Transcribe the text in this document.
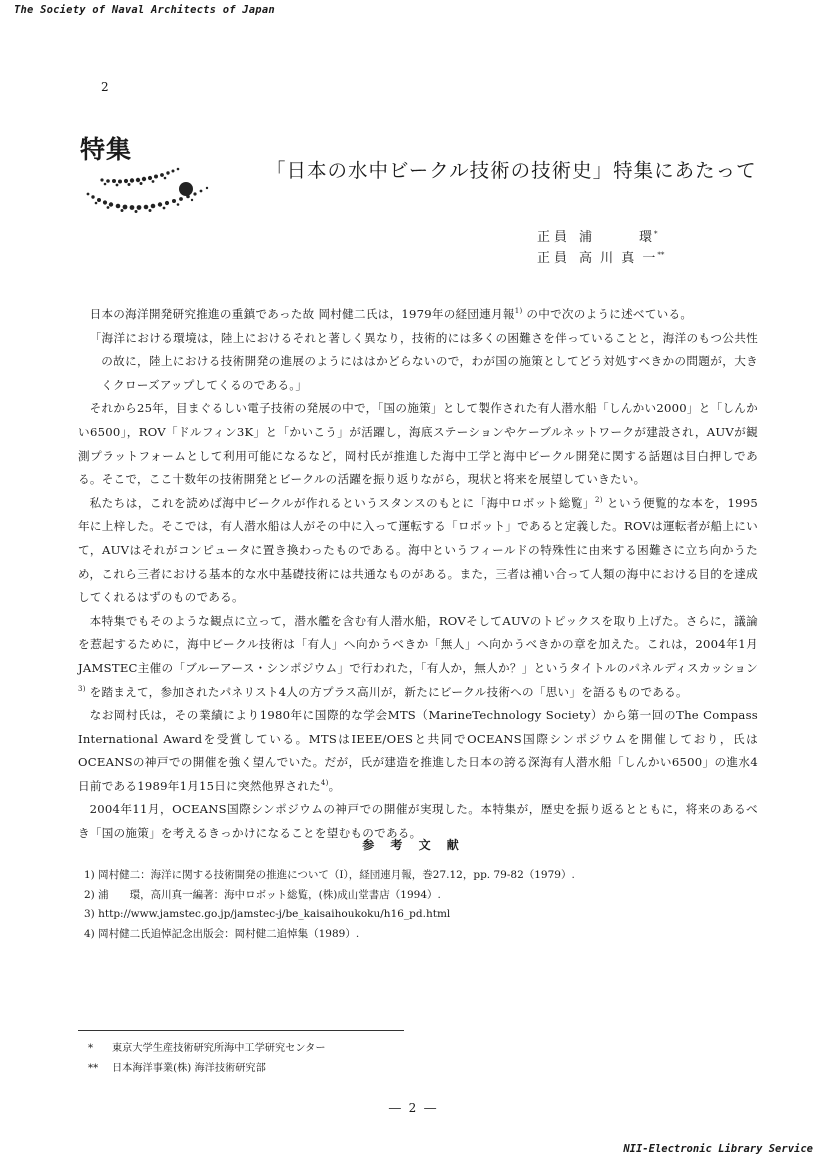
The Society of Naval Architects of Japan
2
特集
「日本の水中ビークル技術の技術史」特集にあたって
正員 浦　　　環*
正員 高 川 真 一**

日本の海洋開発研究推進の重鎮であった故 岡村健二氏は，1979年の経団連月報$^{1)}$ の中で次のように述べている。

「海洋における環境は，陸上におけるそれと著しく異なり，技術的には多くの困難さを伴っていることと，海洋のもつ公共性の故に，陸上における技術開発の進展のようにははかどらないので，わが国の施策としてどう対処すべきかの問題が，大きくクローズアップしてくるのである。」

それから25年，目まぐるしい電子技術の発展の中で，「国の施策」として製作された有人潜水船「しんかい2000」と「しんかい6500」，ROV「ドルフィン3K」と「かいこう」が活躍し，海底ステーションやケーブルネットワークが建設され，AUVが観測プラットフォームとして利用可能になるなど，岡村氏が推進した海中工学と海中ビークル開発に関する話題は目白押しである。そこで，ここ十数年の技術開発とビークルの活躍を振り返りながら，現状と将来を展望していきたい。

私たちは，これを読めば海中ビークルが作れるというスタンスのもとに「海中ロボット総覧」$^{2)}$ という便覧的な本を，1995年に上梓した。そこでは，有人潜水船は人がその中に入って運転する「ロボット」であると定義した。ROVは運転者が船上にいて，AUVはそれがコンピュータに置き換わったものである。海中というフィールドの特殊性に由来する困難さに立ち向かうため，これら三者における基本的な水中基礎技術には共通なものがある。また，三者は補い合って人類の海中における目的を達成してくれるはずのものである。

本特集でもそのような観点に立って，潜水艦を含む有人潜水船，ROVそしてAUVのトピックスを取り上げた。さらに，議論を惹起するために，海中ビークル技術は「有人」へ向かうべきか「無人」へ向かうべきかの章を加えた。これは，2004年1月JAMSTEC主催の「ブルーアース・シンポジウム」で行われた，「有人か，無人か？」というタイトルのパネルディスカッション$^{3)}$ を踏まえて，参加されたパネリスト4人の方プラス高川が，新たにビークル技術への「思い」を語るものである。

なお岡村氏は，その業績により1980年に国際的な学会MTS（MarineTechnology Society）から第一回のThe Compass International Awardを受賞している。MTSはIEEE/OESと共同でOCEANS国際シンポジウムを開催しており，氏はOCEANSの神戸での開催を強く望んでいた。だが，氏が建造を推進した日本の誇る深海有人潜水船「しんかい6500」の進水4日前である1989年1月15日に突然他界された$^{4)}$。

2004年11月，OCEANS国際シンポジウムの神戸での開催が実現した。本特集が，歴史を振り返るとともに，将来のあるべき「国の施策」を考えるきっかけになることを望むものである。

参 考 文 献
1) 岡村健二：海洋に関する技術開発の推進について（I），経団連月報，巻27.12，pp. 79-82（1979）.
2) 浦　　環，高川真一編著：海中ロボット総覧，(株)成山堂書店（1994）.
3) http://www.jamstec.go.jp/jamstec-j/be_kaisaihoukoku/h16_pd.html
4) 岡村健二氏追悼記念出版会：岡村健二追悼集（1989）.
* 東京大学生産技術研究所海中工学研究センター
** 日本海洋事業(株) 海洋技術研究部
― 2 ―
NII-Electronic Library Service
